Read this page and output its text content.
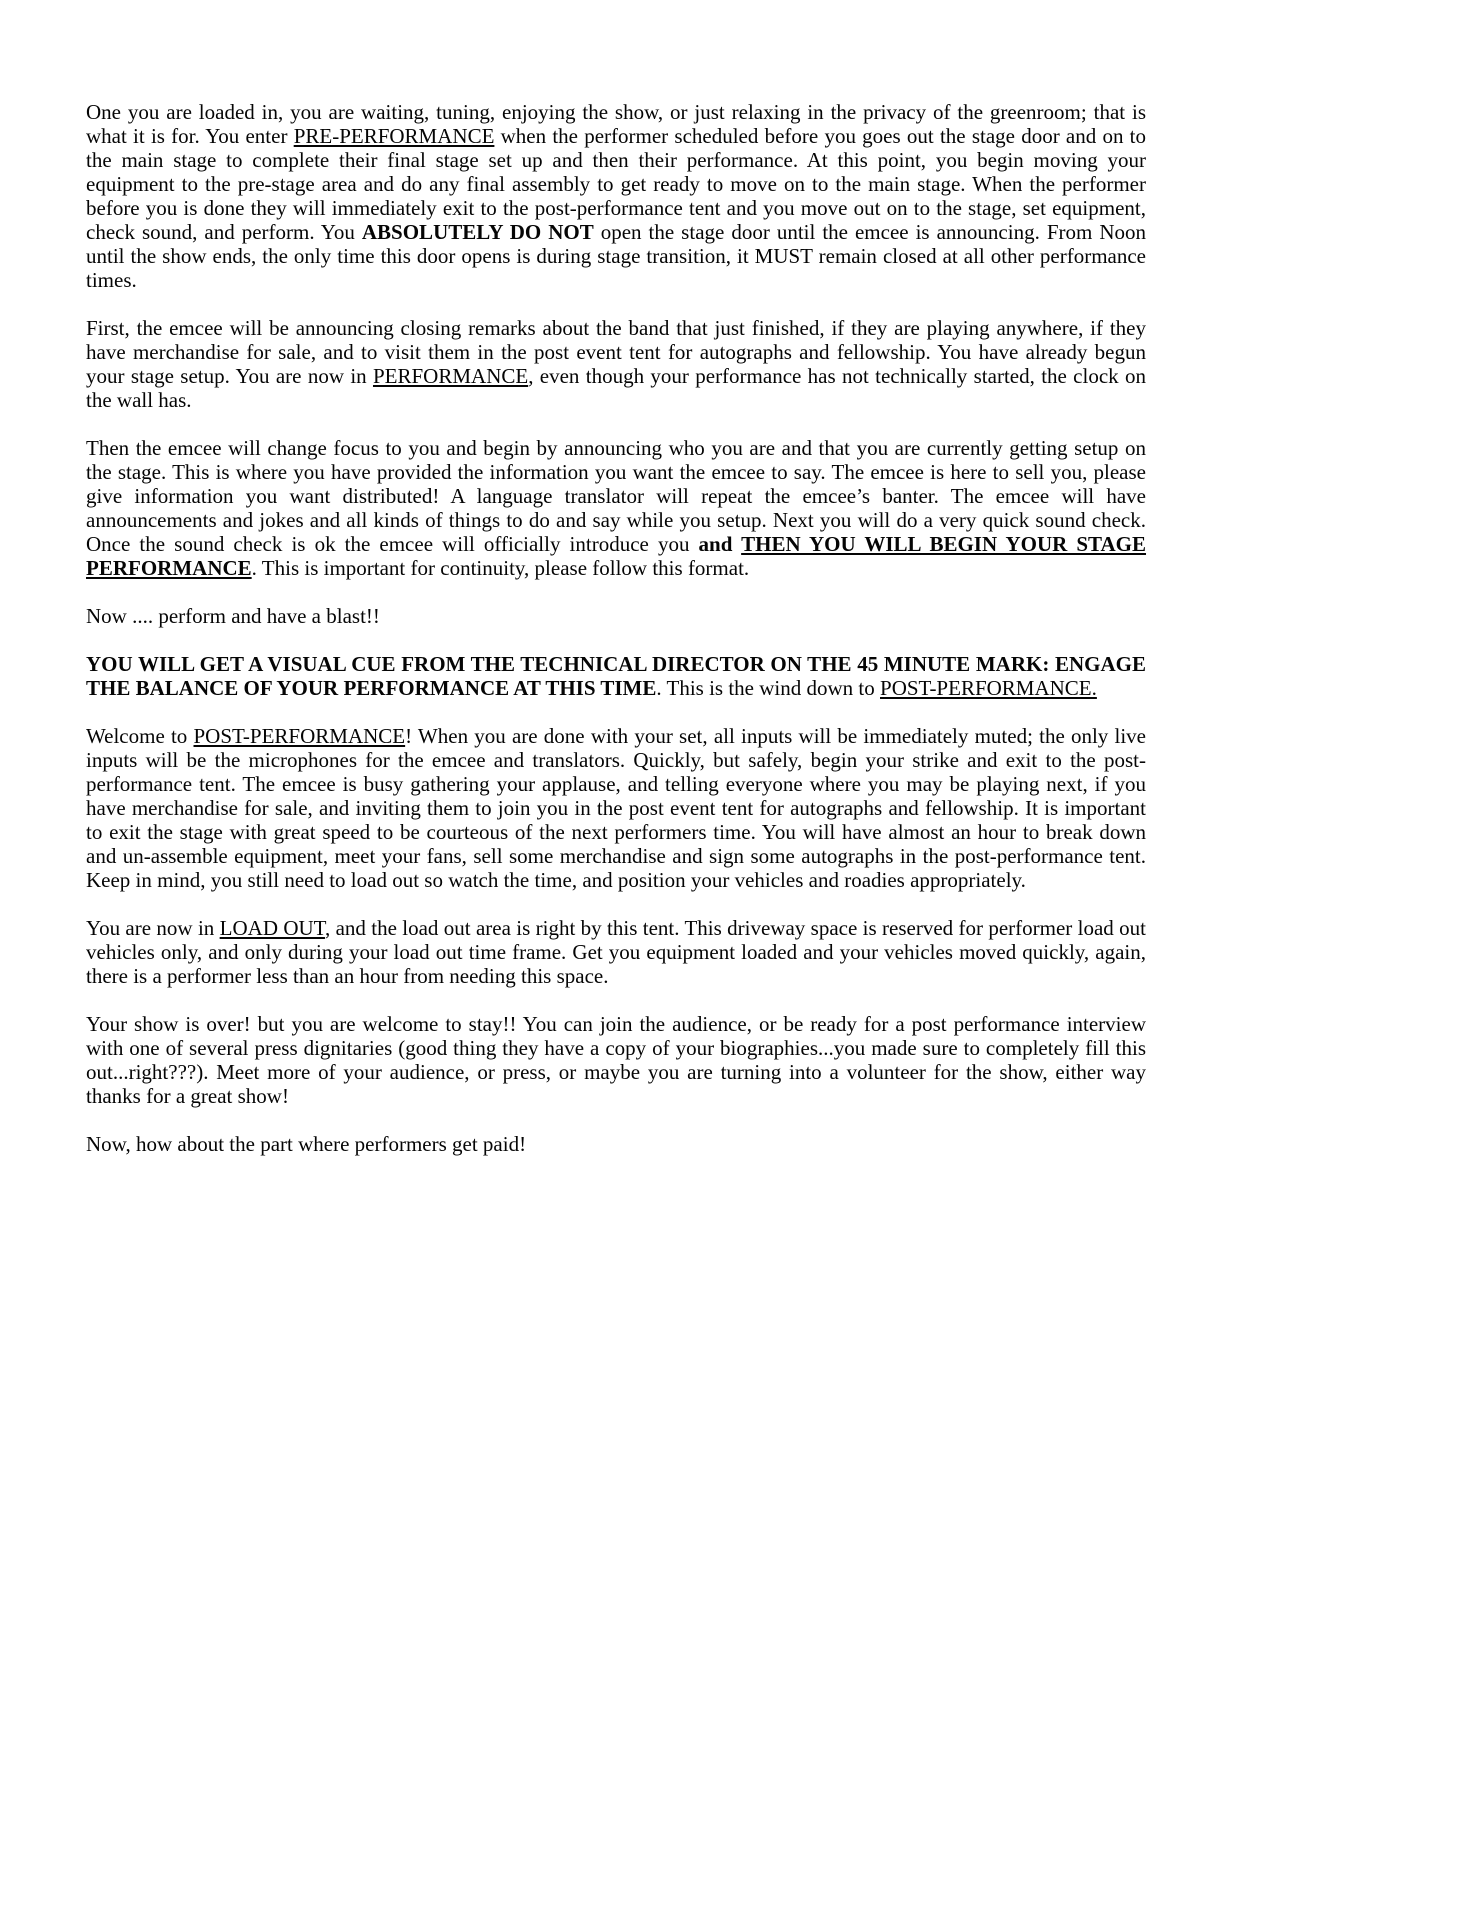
One you are loaded in, you are waiting, tuning, enjoying the show, or just relaxing in the privacy of the greenroom; that is what it is for. You enter PRE-PERFORMANCE when the performer scheduled before you goes out the stage door and on to the main stage to complete their final stage set up and then their performance. At this point, you begin moving your equipment to the pre-stage area and do any final assembly to get ready to move on to the main stage. When the performer before you is done they will immediately exit to the post-performance tent and you move out on to the stage, set equipment, check sound, and perform. You ABSOLUTELY DO NOT open the stage door until the emcee is announcing. From Noon until the show ends, the only time this door opens is during stage transition, it MUST remain closed at all other performance times.

First, the emcee will be announcing closing remarks about the band that just finished, if they are playing anywhere, if they have merchandise for sale, and to visit them in the post event tent for autographs and fellowship. You have already begun your stage setup. You are now in PERFORMANCE, even though your performance has not technically started, the clock on the wall has.

Then the emcee will change focus to you and begin by announcing who you are and that you are currently getting setup on the stage. This is where you have provided the information you want the emcee to say. The emcee is here to sell you, please give information you want distributed! A language translator will repeat the emcee’s banter. The emcee will have announcements and jokes and all kinds of things to do and say while you setup. Next you will do a very quick sound check. Once the sound check is ok the emcee will officially introduce you and THEN YOU WILL BEGIN YOUR STAGE PERFORMANCE. This is important for continuity, please follow this format.

Now .... perform and have a blast!!

YOU WILL GET A VISUAL CUE FROM THE TECHNICAL DIRECTOR ON THE 45 MINUTE MARK: ENGAGE THE BALANCE OF YOUR PERFORMANCE AT THIS TIME. This is the wind down to POST-PERFORMANCE.

Welcome to POST-PERFORMANCE! When you are done with your set, all inputs will be immediately muted; the only live inputs will be the microphones for the emcee and translators. Quickly, but safely, begin your strike and exit to the post-performance tent. The emcee is busy gathering your applause, and telling everyone where you may be playing next, if you have merchandise for sale, and inviting them to join you in the post event tent for autographs and fellowship. It is important to exit the stage with great speed to be courteous of the next performers time. You will have almost an hour to break down and un-assemble equipment, meet your fans, sell some merchandise and sign some autographs in the post-performance tent. Keep in mind, you still need to load out so watch the time, and position your vehicles and roadies appropriately.

You are now in LOAD OUT, and the load out area is right by this tent. This driveway space is reserved for performer load out vehicles only, and only during your load out time frame. Get you equipment loaded and your vehicles moved quickly, again, there is a performer less than an hour from needing this space.

Your show is over! but you are welcome to stay!! You can join the audience, or be ready for a post performance interview with one of several press dignitaries (good thing they have a copy of your biographies...you made sure to completely fill this out...right???). Meet more of your audience, or press, or maybe you are turning into a volunteer for the show, either way thanks for a great show!

Now, how about the part where performers get paid!
